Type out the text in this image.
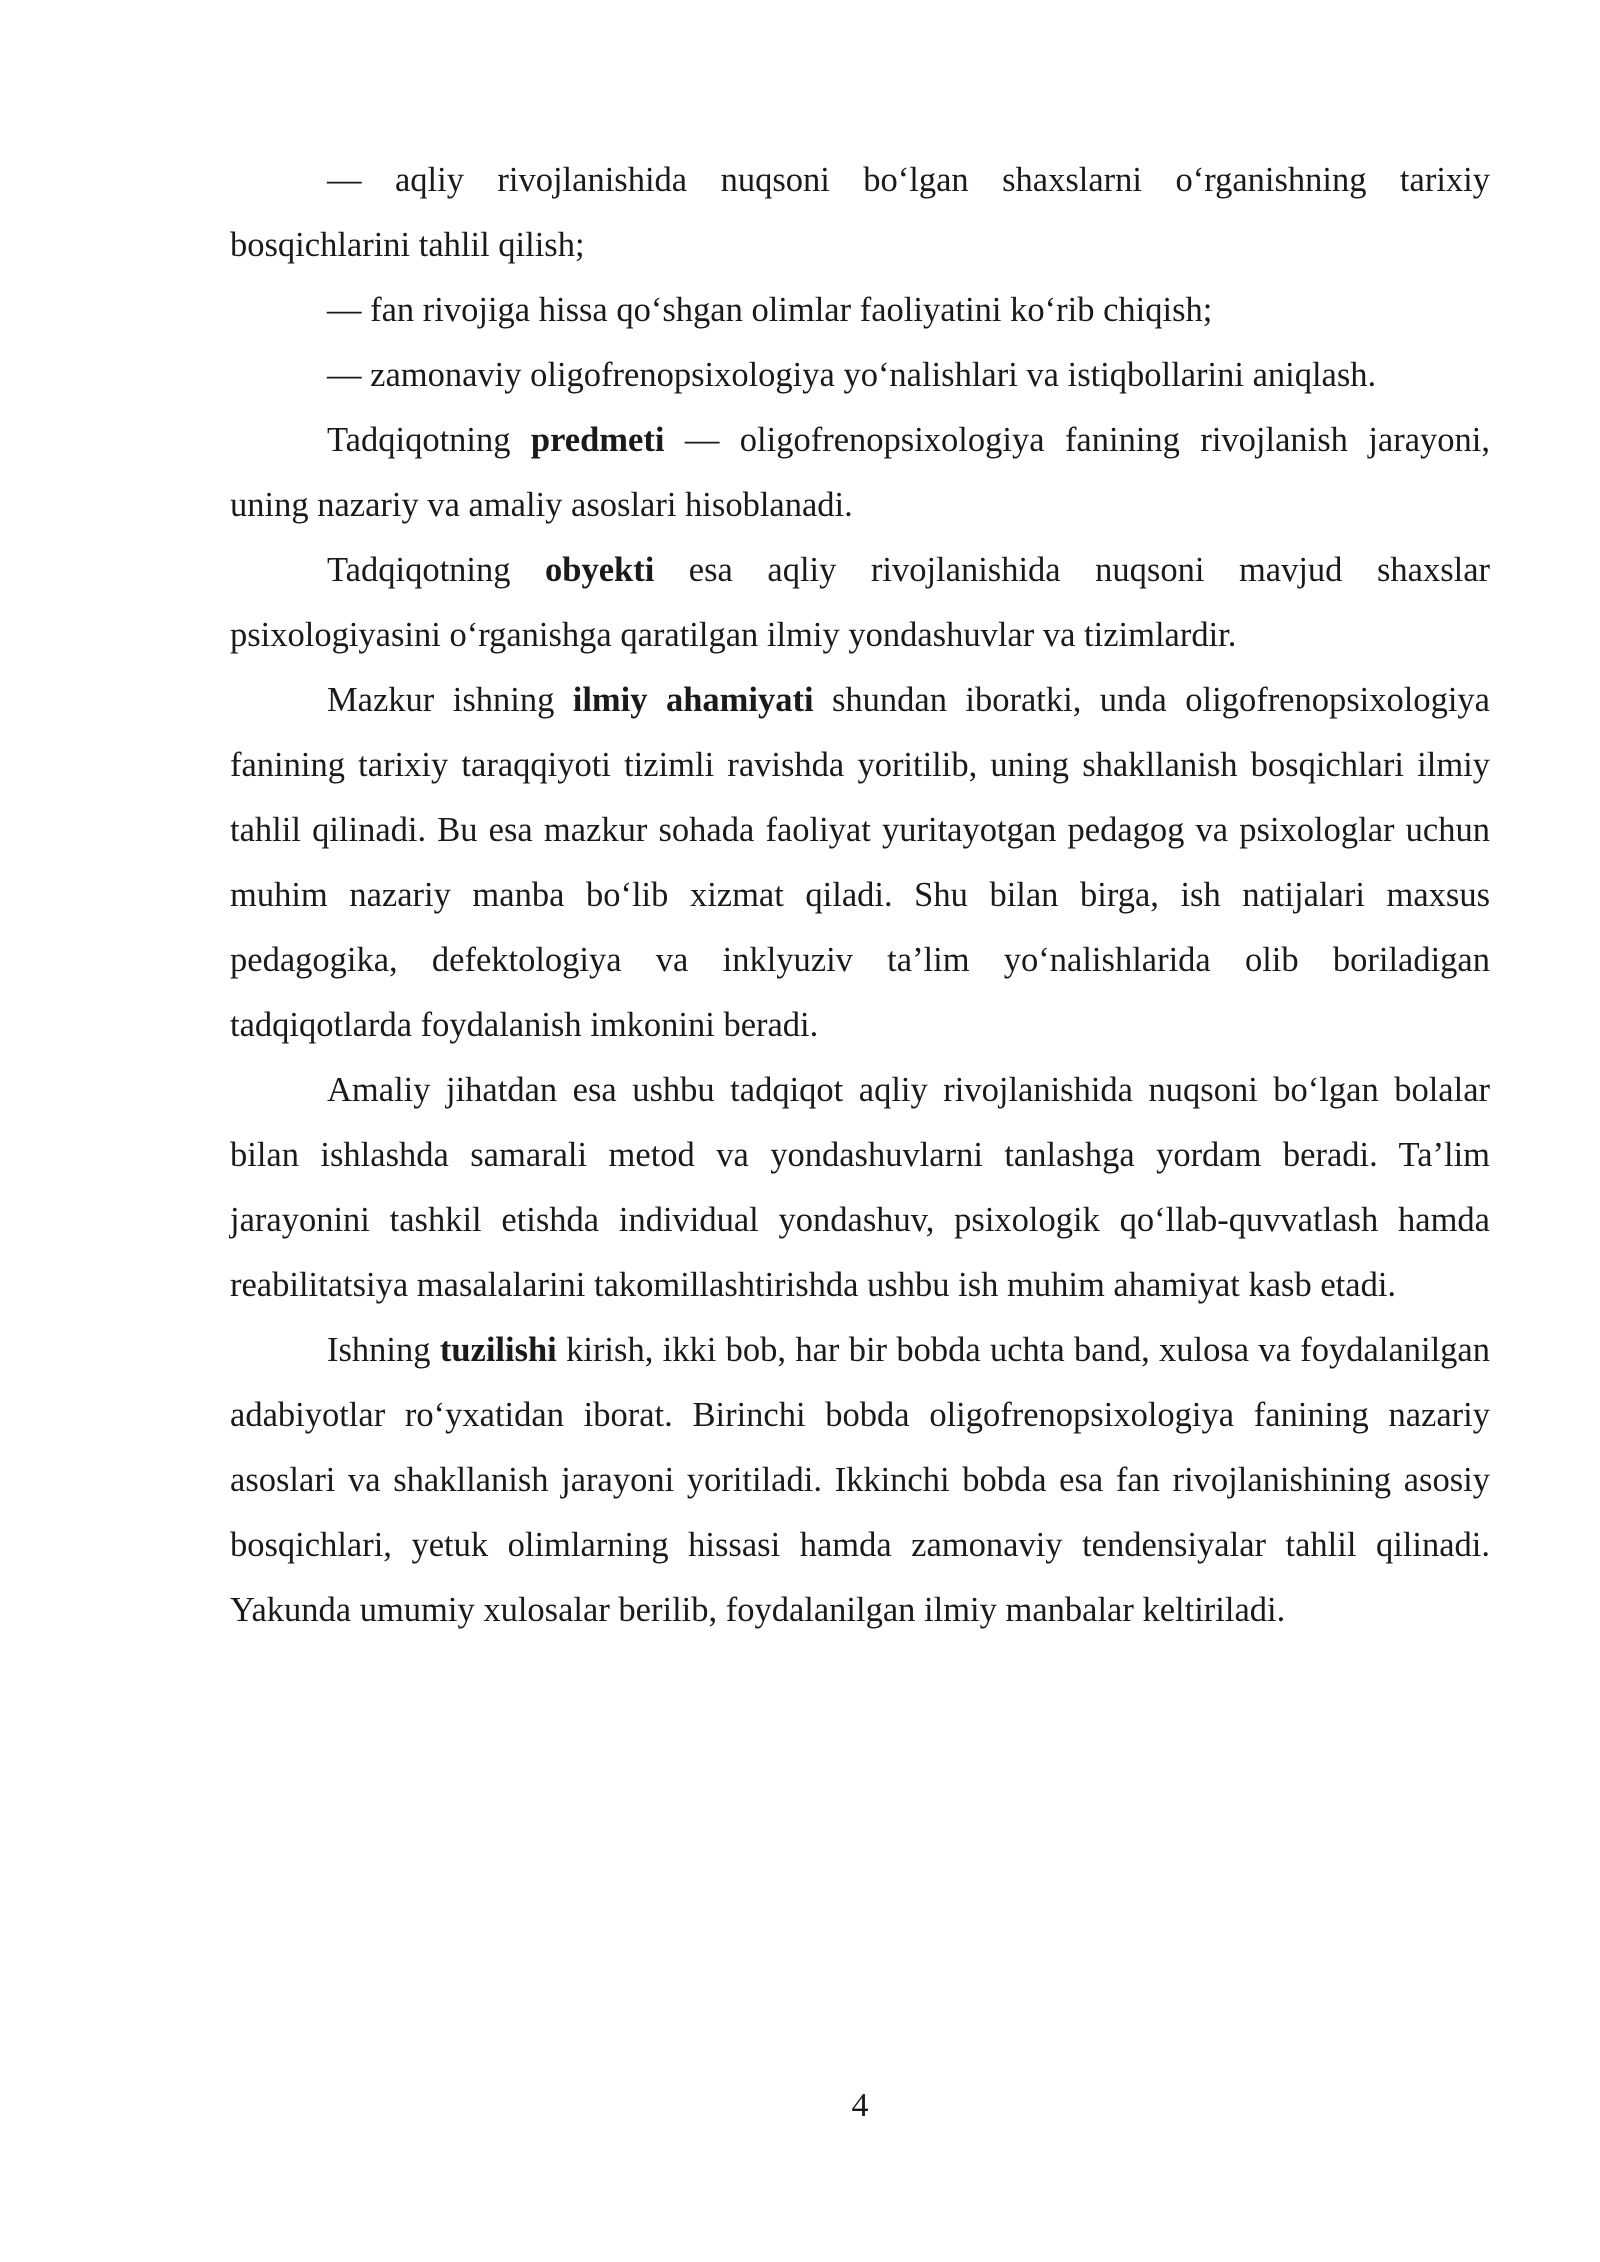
— aqliy rivojlanishida nuqsoni bo‘lgan shaxslarni o‘rganishning tarixiy bosqichlarini tahlil qilish;

— fan rivojiga hissa qo‘shgan olimlar faoliyatini ko‘rib chiqish;

— zamonaviy oligofrenopsixologiya yo‘nalishlari va istiqbollarini aniqlash.

Tadqiqotning predmeti — oligofrenopsixologiya fanining rivojlanish jarayoni, uning nazariy va amaliy asoslari hisoblanadi.

Tadqiqotning obyekti esa aqliy rivojlanishida nuqsoni mavjud shaxslar psixologiyasini o‘rganishga qaratilgan ilmiy yondashuvlar va tizimlardir.

Mazkur ishning ilmiy ahamiyati shundan iboratki, unda oligofrenopsixologiya fanining tarixiy taraqqiyoti tizimli ravishda yoritilib, uning shakllanish bosqichlari ilmiy tahlil qilinadi. Bu esa mazkur sohada faoliyat yuritayotgan pedagog va psixologlar uchun muhim nazariy manba bo‘lib xizmat qiladi. Shu bilan birga, ish natijalari maxsus pedagogika, defektologiya va inklyuziv ta’lim yo‘nalishlarida olib boriladigan tadqiqotlarda foydalanish imkonini beradi.

Amaliy jihatdan esa ushbu tadqiqot aqliy rivojlanishida nuqsoni bo‘lgan bolalar bilan ishlashda samarali metod va yondashuvlarni tanlashga yordam beradi. Ta’lim jarayonini tashkil etishda individual yondashuv, psixologik qo‘llab-quvvatlash hamda reabilitatsiya masalalarini takomillashtirishda ushbu ish muhim ahamiyat kasb etadi.

Ishning tuzilishi kirish, ikki bob, har bir bobda uchta band, xulosa va foydalanilgan adabiyotlar ro‘yxatidan iborat. Birinchi bobda oligofrenopsixologiya fanining nazariy asoslari va shakllanish jarayoni yoritiladi. Ikkinchi bobda esa fan rivojlanishining asosiy bosqichlari, yetuk olimlarning hissasi hamda zamonaviy tendensiyalar tahlil qilinadi. Yakunda umumiy xulosalar berilib, foydalanilgan ilmiy manbalar keltiriladi.

4
